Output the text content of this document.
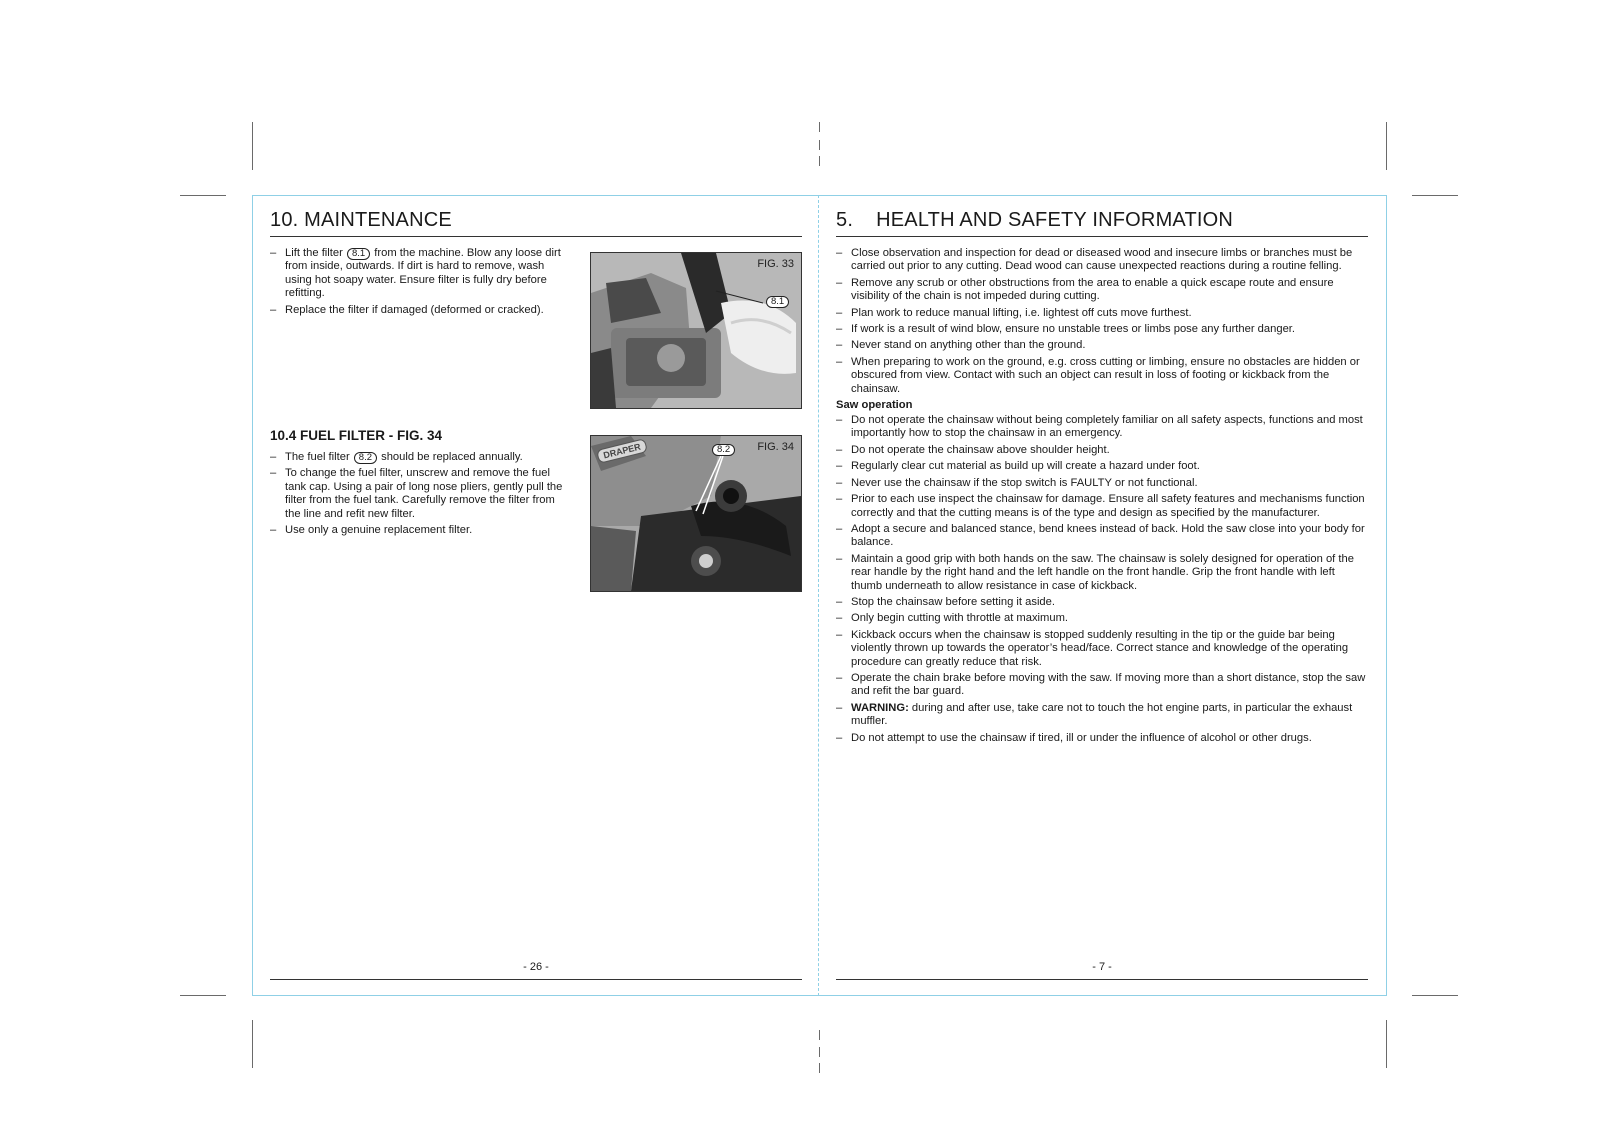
10. MAINTENANCE
– Lift the filter 8.1 from the machine. Blow any loose dirt from inside, outwards. If dirt is hard to remove, wash using hot soapy water. Ensure filter is fully dry before refitting.
– Replace the filter if damaged (deformed or cracked).
FIG. 33
8.1
10.4 FUEL FILTER - FIG. 34
– The fuel filter 8.2 should be replaced annually.
– To change the fuel filter, unscrew and remove the fuel tank cap. Using a pair of long nose pliers, gently pull the filter from the fuel tank. Carefully remove the filter from the line and refit new filter.
– Use only a genuine replacement filter.
DRAPER	FIG. 34
8.2
- 26 -
5.    HEALTH AND SAFETY INFORMATION
– Close observation and inspection for dead or diseased wood and insecure limbs or branches must be carried out prior to any cutting. Dead wood can cause unexpected reactions during a routine felling.
– Remove any scrub or other obstructions from the area to enable a quick escape route and ensure visibility of the chain is not impeded during cutting.
– Plan work to reduce manual lifting, i.e. lightest off cuts move furthest.
– If work is a result of wind blow, ensure no unstable trees or limbs pose any further danger.
– Never stand on anything other than the ground.
– When preparing to work on the ground, e.g. cross cutting or limbing, ensure no obstacles are hidden or obscured from view. Contact with such an object can result in loss of footing or kickback from the chainsaw.

Saw operation

– Do not operate the chainsaw without being completely familiar on all safety aspects, functions and most importantly how to stop the chainsaw in an emergency.
– Do not operate the chainsaw above shoulder height.
– Regularly clear cut material as build up will create a hazard under foot.
– Never use the chainsaw if the stop switch is FAULTY or not functional.
– Prior to each use inspect the chainsaw for damage. Ensure all safety features and mechanisms function correctly and that the cutting means is of the type and design as specified by the manufacturer.
– Adopt a secure and balanced stance, bend knees instead of back. Hold the saw close into your body for balance.
– Maintain a good grip with both hands on the saw. The chainsaw is solely designed for operation of the rear handle by the right hand and the left handle on the front handle. Grip the front handle with left thumb underneath to allow resistance in case of kickback.
– Stop the chainsaw before setting it aside.
– Only begin cutting with throttle at maximum.
– Kickback occurs when the chainsaw is stopped suddenly resulting in the tip or the guide bar being violently thrown up towards the operator’s head/face. Correct stance and knowledge of the operating procedure can greatly reduce that risk.
– Operate the chain brake before moving with the saw. If moving more than a short distance, stop the saw and refit the bar guard.
– WARNING: during and after use, take care not to touch the hot engine parts, in particular the exhaust muffler.
– Do not attempt to use the chainsaw if tired, ill or under the influence of alcohol or other drugs.
- 7 -
